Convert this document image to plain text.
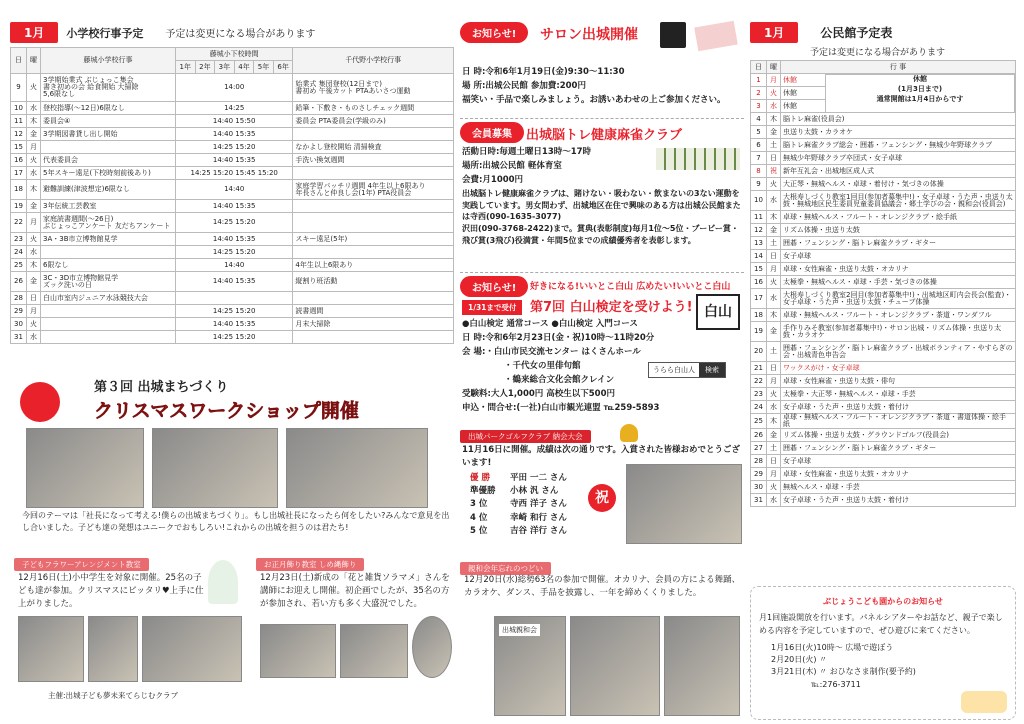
1月	小学校行事予定 予定は変更になる場合があります
日	曜	藤城小学校行事	藤城小下校時間						千代野小学校行事
			1年	2年	3年	4年	5年	6年	
9	火	3学期始業式 ぶじょっこ集会
書き初めの会 給食開始 大掃除
5,6限なし	14:00						始業式 集団登校(12日まで)
書初め 午後カット PTAあいさつ運動
10	水	登校指導(～12日)6限なし	14:25						鉛筆・下敷き・ものさしチェック週間
11	木	委員会④	14:40 15:50						委員会 PTA委員会(学級のみ)
12	金	3学期図書貸し出し開始	14:40 15:35						
15	月		14:25 15:20						なかよし登校開始 清掃検査
16	火	代表委員会	14:40 15:35						手洗い換気週間
17	水	5年スキー遠足(下校時刻前後あり)	14:25 15:20 15:45 15:20						
18	木	避難訓練(津波想定)6限なし	14:40						家庭学習パッチリ週間 4年生以上6限あり
年長さんと仲良し会(1年) PTA役員会
19	金	3年伝統工芸教室	14:40 15:35						
22	月	家庭読書週間(～26日)
ぶじょっこアンケート 友だちアンケート	14:25 15:20						
23	火	3A・3B市立博物館見学	14:40 15:35						スキー遠足(5年)
24	水		14:25 15:20						
25	木	6限なし	14:40						4年生以上6限あり
26	金	3C・3D市立博物館見学
ズック洗いの日	14:40 15:35						縦割り班活動
28	日	白山市室内ジュニア水泳競技大会							
29	月		14:25 15:20						読書週間
30	火		14:40 15:35						月末大掃除
31	水		14:25 15:20						
第３回 出城まちづくり
クリスマスワークショップ開催
今回のテーマは「社長になって考える!僕らの出城まちづくり」。もし出城社長になったら何をしたい?みんなで意見を出し合いました。子ども達の発想はユニークでおもしろい!これからの出城を担うのは君たち!
子どもフラワーアレンジメント教室
12月16日(土)小中学生を対象に開催。25名の子ども達が参加。クリスマスにピッタリ♥上手に仕上がりました。
主催:出城子ども夢未来てらじむクラブ
お正月飾り教室 しめ縄飾り
12月23日(土)新成の「花と雑貨ソラマメ」さんを講師にお迎えし開催。初企画でしたが、35名の方が参加され、若い方も多く大盛況でした。
お知らせ! サロン出城開催
日 時:令和6年1月19日(金)9:30～11:30
場 所:出城公民館 参加費:200円
福笑い・手品で楽しみましょう。お誘いあわせの上ご参加ください。
会員募集 出城脳トレ健康麻雀クラブ
活動日時:毎週土曜日13時～17時
場所:出城公民館 軽体育室
会費:月1000円
出城脳トレ健康麻雀クラブは、賭けない・吸わない・飲まないの3ない運動を実践しています。男女問わず、出城地区在住で興味のある方は出城公民館または寺西(090-1635-3077)
沢田(090-3768-2422)まで。賞典(表彰制度)毎月1位～5位・ブービー賞・飛び賞(3飛び)役満賞・年間5位までの成績優秀者を表彰します。
お知らせ! 好きになる!いいとこ白山 広めたい!いいとこ白山
1/31まで受付	第7回 白山検定を受けよう! 白山
●白山検定 通常コース ●白山検定 入門コース
日 時:令和6年2月23日(金・祝)10時～11時20分
会 場:・白山市民交流センター はくさんホール
・千代女の里俳句館
・鶴来総合文化会館クレイン
うらら白山人	検索
受験料:大人1,000円 高校生以下500円
申込・問合せ:(一社)白山市観光連盟 ℡259-5893
出城パークゴルフクラブ 納会大会
11月16日に開催。成績は次の通りです。入賞された皆様おめでとうございます!
優 勝	平田 一二 さん
準優勝	小林 汎 さん
3 位	寺西 洋子 さん
4 位	幸崎 和行 さん
5 位	吉谷 洋行 さん
祝
親和会年忘れのつどい
12月20日(水)総勢63名の参加で開催。オカリナ、会員の方による舞踊、カラオケ、ダンス、手品を披露し、一年を締めくくりました。
出城親和会
1月	公民館予定表
予定は変更になる場合があります
日	曜	行 事
1	月	休館 休館
(1月3日まで)
通常開館は1月4日からです

2	火	休館
3	水	休館
4	木	脳トレ麻雀(役員会)
5	金	虫送り太鼓・カラオケ
6	土	脳トレ麻雀クラブ総会・囲碁・フェンシング・無城少年野球クラブ
7	日	無城少年野球クラブ卒団式・女子卓球
8	祝	新年互礼会・出城地区成人式
9	火	大正琴・無城ヘルス・卓球・着付け・気づきの体操
10	水	大根寿しづくり教室1回目(参加者募集中!)・女子卓球・うた声・虫送り太鼓・無城地区民生委員児童委員協議会・郷土学びの会・親和会(役員会)
11	木	卓球・無城ヘルス・フルート・オレンジクラブ・絵手紙
12	金	リズム体操・虫送り太鼓
13	土	囲碁・フェンシング・脳トレ麻雀クラブ・ギター
14	日	女子卓球
15	月	卓球・女性麻雀・虫送り太鼓・オカリナ
16	火	太極拳・無城ヘルス・卓球・手芸・気づきの体操
17	水	大根寿しづくり教室2回目(参加者募集中!)・出城地区町内会長会(監査)・女子卓球・うた声・虫送り太鼓・チューブ体操
18	木	卓球・無城ヘルス・フルート・オレンジクラブ・茶道・ワンダフル
19	金	手作りみそ教室(参加者募集中!)・サロン出城・リズム体操・虫送り太鼓・カラオケ
20	土	囲碁・フェンシング・脳トレ麻雀クラブ・出城ボランティア・やすらぎの会・出城青色申告会
21	日	ワックスがけ・女子卓球
22	月	卓球・女性麻雀・虫送り太鼓・俳句
23	火	太極拳・大正琴・無城ヘルス・卓球・手芸
24	水	女子卓球・うた声・虫送り太鼓・着付け
25	木	卓球・無城ヘルス・フルート・オレンジクラブ・茶道・書道体操・絵手紙
26	金	リズム体操・虫送り太鼓・グラウンドゴルフ(役員会)
27	土	囲碁・フェンシング・脳トレ麻雀クラブ・ギター
28	日	女子卓球
29	月	卓球・女性麻雀・虫送り太鼓・オカリナ
30	火	無城ヘルス・卓球・手芸
31	水	女子卓球・うた声・虫送り太鼓・着付け
ぶじょうこども園からのお知らせ
月1回施設開放を行います。パネルシアターやお話など、親子で楽しめる内容を予定していますので、ぜひ遊びに来てください。
1月16日(火)10時～ 広場で遊ぼう
2月20日(火) 〃
3月21日(木) 〃 おひなさま制作(要予約)
℡:276-3711
